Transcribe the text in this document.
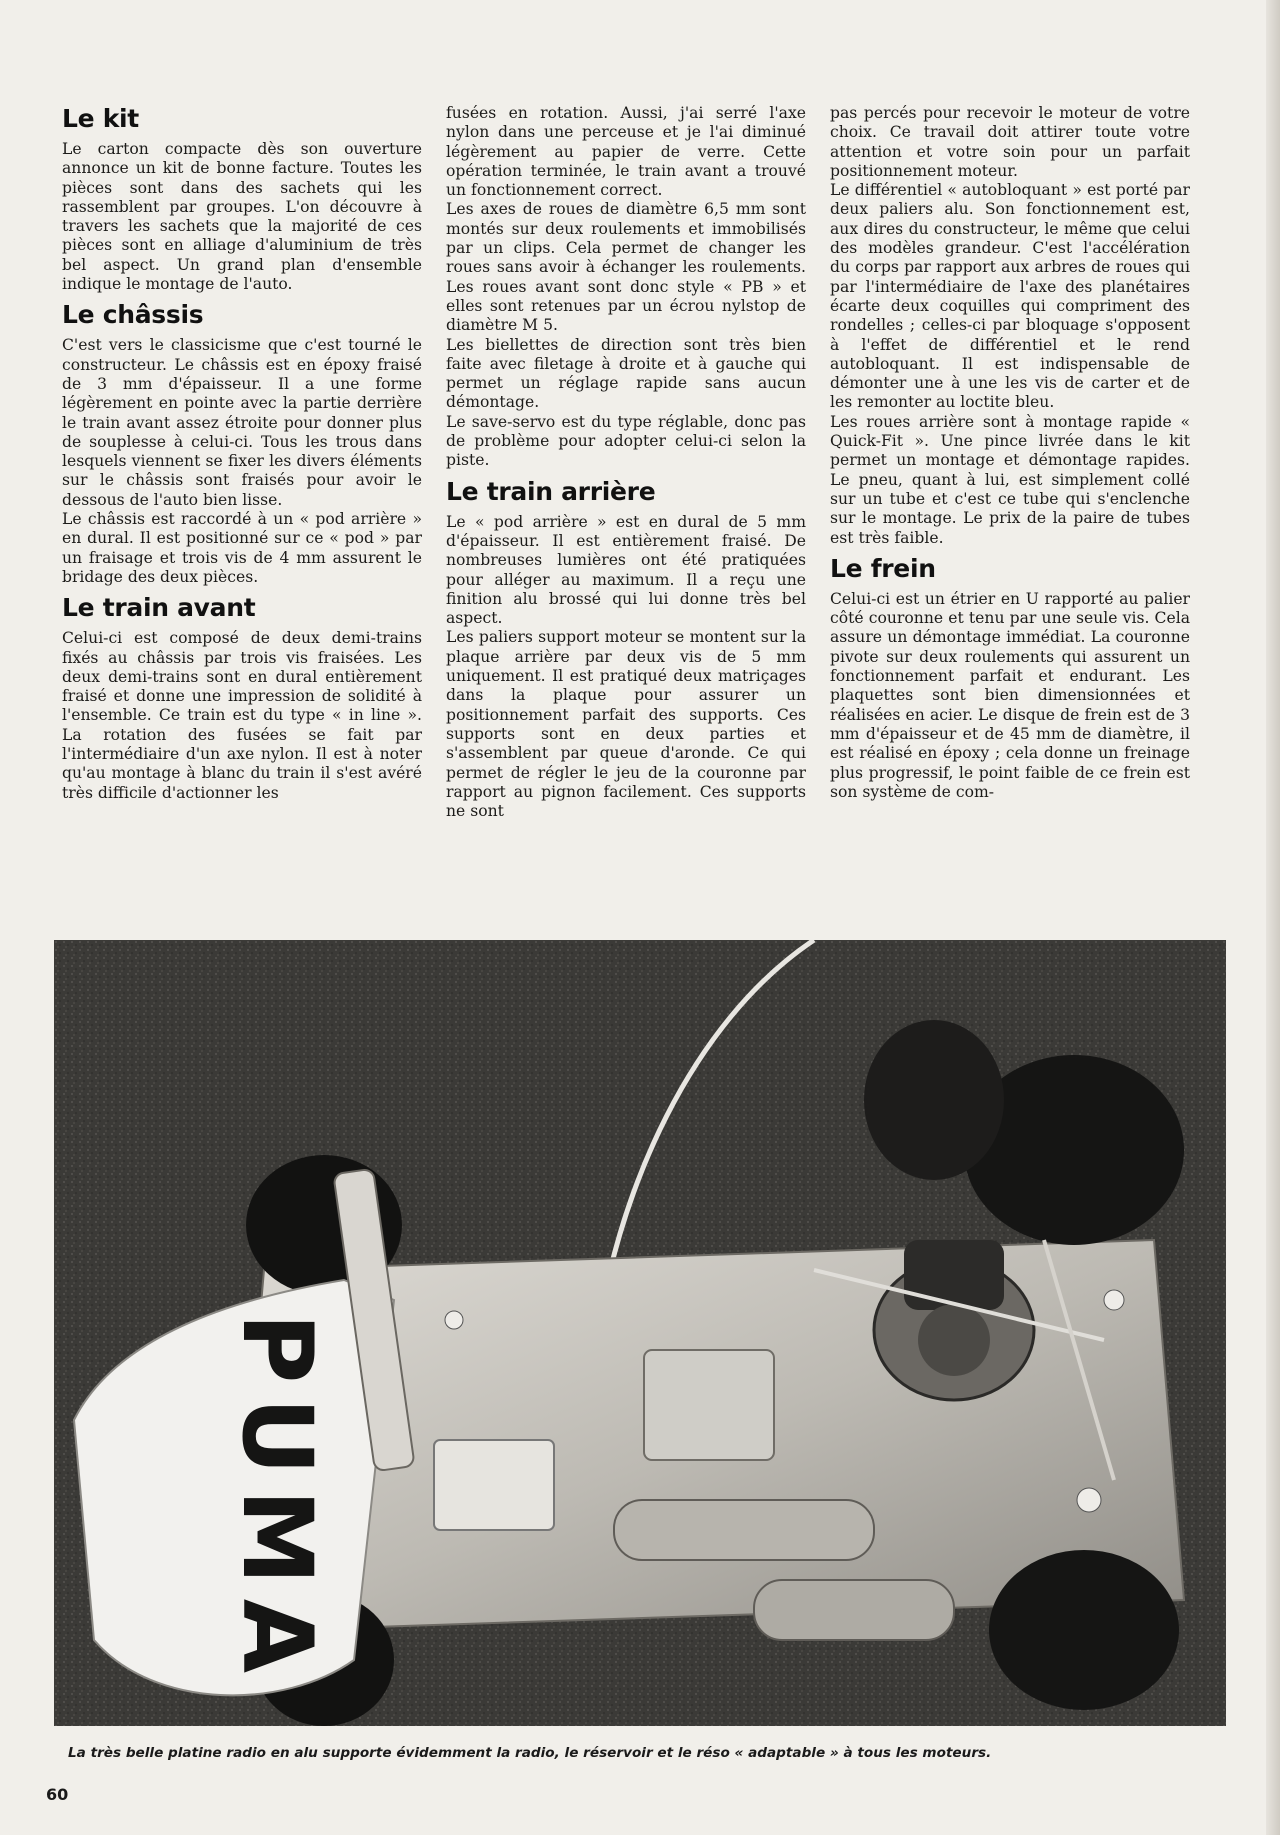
Le kit

Le carton compacte dès son ouverture annonce un kit de bonne facture. Toutes les pièces sont dans des sachets qui les rassemblent par groupes. L'on découvre à travers les sachets que la majorité de ces pièces sont en alliage d'aluminium de très bel aspect. Un grand plan d'ensemble indique le montage de l'auto.

Le châssis

C'est vers le classicisme que c'est tourné le constructeur. Le châssis est en époxy fraisé de 3 mm d'épaisseur. Il a une forme légèrement en pointe avec la partie derrière le train avant assez étroite pour donner plus de souplesse à celui-ci. Tous les trous dans lesquels viennent se fixer les divers éléments sur le châssis sont fraisés pour avoir le dessous de l'auto bien lisse.

Le châssis est raccordé à un « pod arrière » en dural. Il est positionné sur ce « pod » par un fraisage et trois vis de 4 mm assurent le bridage des deux pièces.

Le train avant

Celui-ci est composé de deux demi-trains fixés au châssis par trois vis fraisées. Les deux demi-trains sont en dural entièrement fraisé et donne une impression de solidité à l'ensemble. Ce train est du type « in line ». La rotation des fusées se fait par l'intermédiaire d'un axe nylon. Il est à noter qu'au montage à blanc du train il s'est avéré très difficile d'actionner les

fusées en rotation. Aussi, j'ai serré l'axe nylon dans une perceuse et je l'ai diminué légèrement au papier de verre. Cette opération terminée, le train avant a trouvé un fonctionnement correct.

Les axes de roues de diamètre 6,5 mm sont montés sur deux roulements et immobilisés par un clips. Cela permet de changer les roues sans avoir à échanger les roulements. Les roues avant sont donc style « PB » et elles sont retenues par un écrou nylstop de diamètre M 5.

Les biellettes de direction sont très bien faite avec filetage à droite et à gauche qui permet un réglage rapide sans aucun démontage.

Le save-servo est du type réglable, donc pas de problème pour adopter celui-ci selon la piste.

Le train arrière

Le « pod arrière » est en dural de 5 mm d'épaisseur. Il est entièrement fraisé. De nombreuses lumières ont été pratiquées pour alléger au maximum. Il a reçu une finition alu brossé qui lui donne très bel aspect.

Les paliers support moteur se montent sur la plaque arrière par deux vis de 5 mm uniquement. Il est pratiqué deux matriçages dans la plaque pour assurer un positionnement parfait des supports. Ces supports sont en deux parties et s'assemblent par queue d'aronde. Ce qui permet de régler le jeu de la couronne par rapport au pignon facilement. Ces supports ne sont

pas percés pour recevoir le moteur de votre choix. Ce travail doit attirer toute votre attention et votre soin pour un parfait positionnement moteur.

Le différentiel « autobloquant » est porté par deux paliers alu. Son fonctionnement est, aux dires du constructeur, le même que celui des modèles grandeur. C'est l'accélération du corps par rapport aux arbres de roues qui par l'intermédiaire de l'axe des planétaires écarte deux coquilles qui compriment des rondelles ; celles-ci par bloquage s'opposent à l'effet de différentiel et le rend autobloquant. Il est indispensable de démonter une à une les vis de carter et de les remonter au loctite bleu.

Les roues arrière sont à montage rapide « Quick-Fit ». Une pince livrée dans le kit permet un montage et démontage rapides. Le pneu, quant à lui, est simplement collé sur un tube et c'est ce tube qui s'enclenche sur le montage. Le prix de la paire de tubes est très faible.

Le frein

Celui-ci est un étrier en U rapporté au palier côté couronne et tenu par une seule vis. Cela assure un démontage immédiat. La couronne pivote sur deux roulements qui assurent un fonctionnement parfait et endurant. Les plaquettes sont bien dimensionnées et réalisées en acier. Le disque de frein est de 3 mm d'épaisseur et de 45 mm de diamètre, il est réalisé en époxy ; cela donne un freinage plus progressif, le point faible de ce frein est son système de com-

PUMA
La très belle platine radio en alu supporte évidemment la radio, le réservoir et le réso « adaptable » à tous les moteurs.
60
